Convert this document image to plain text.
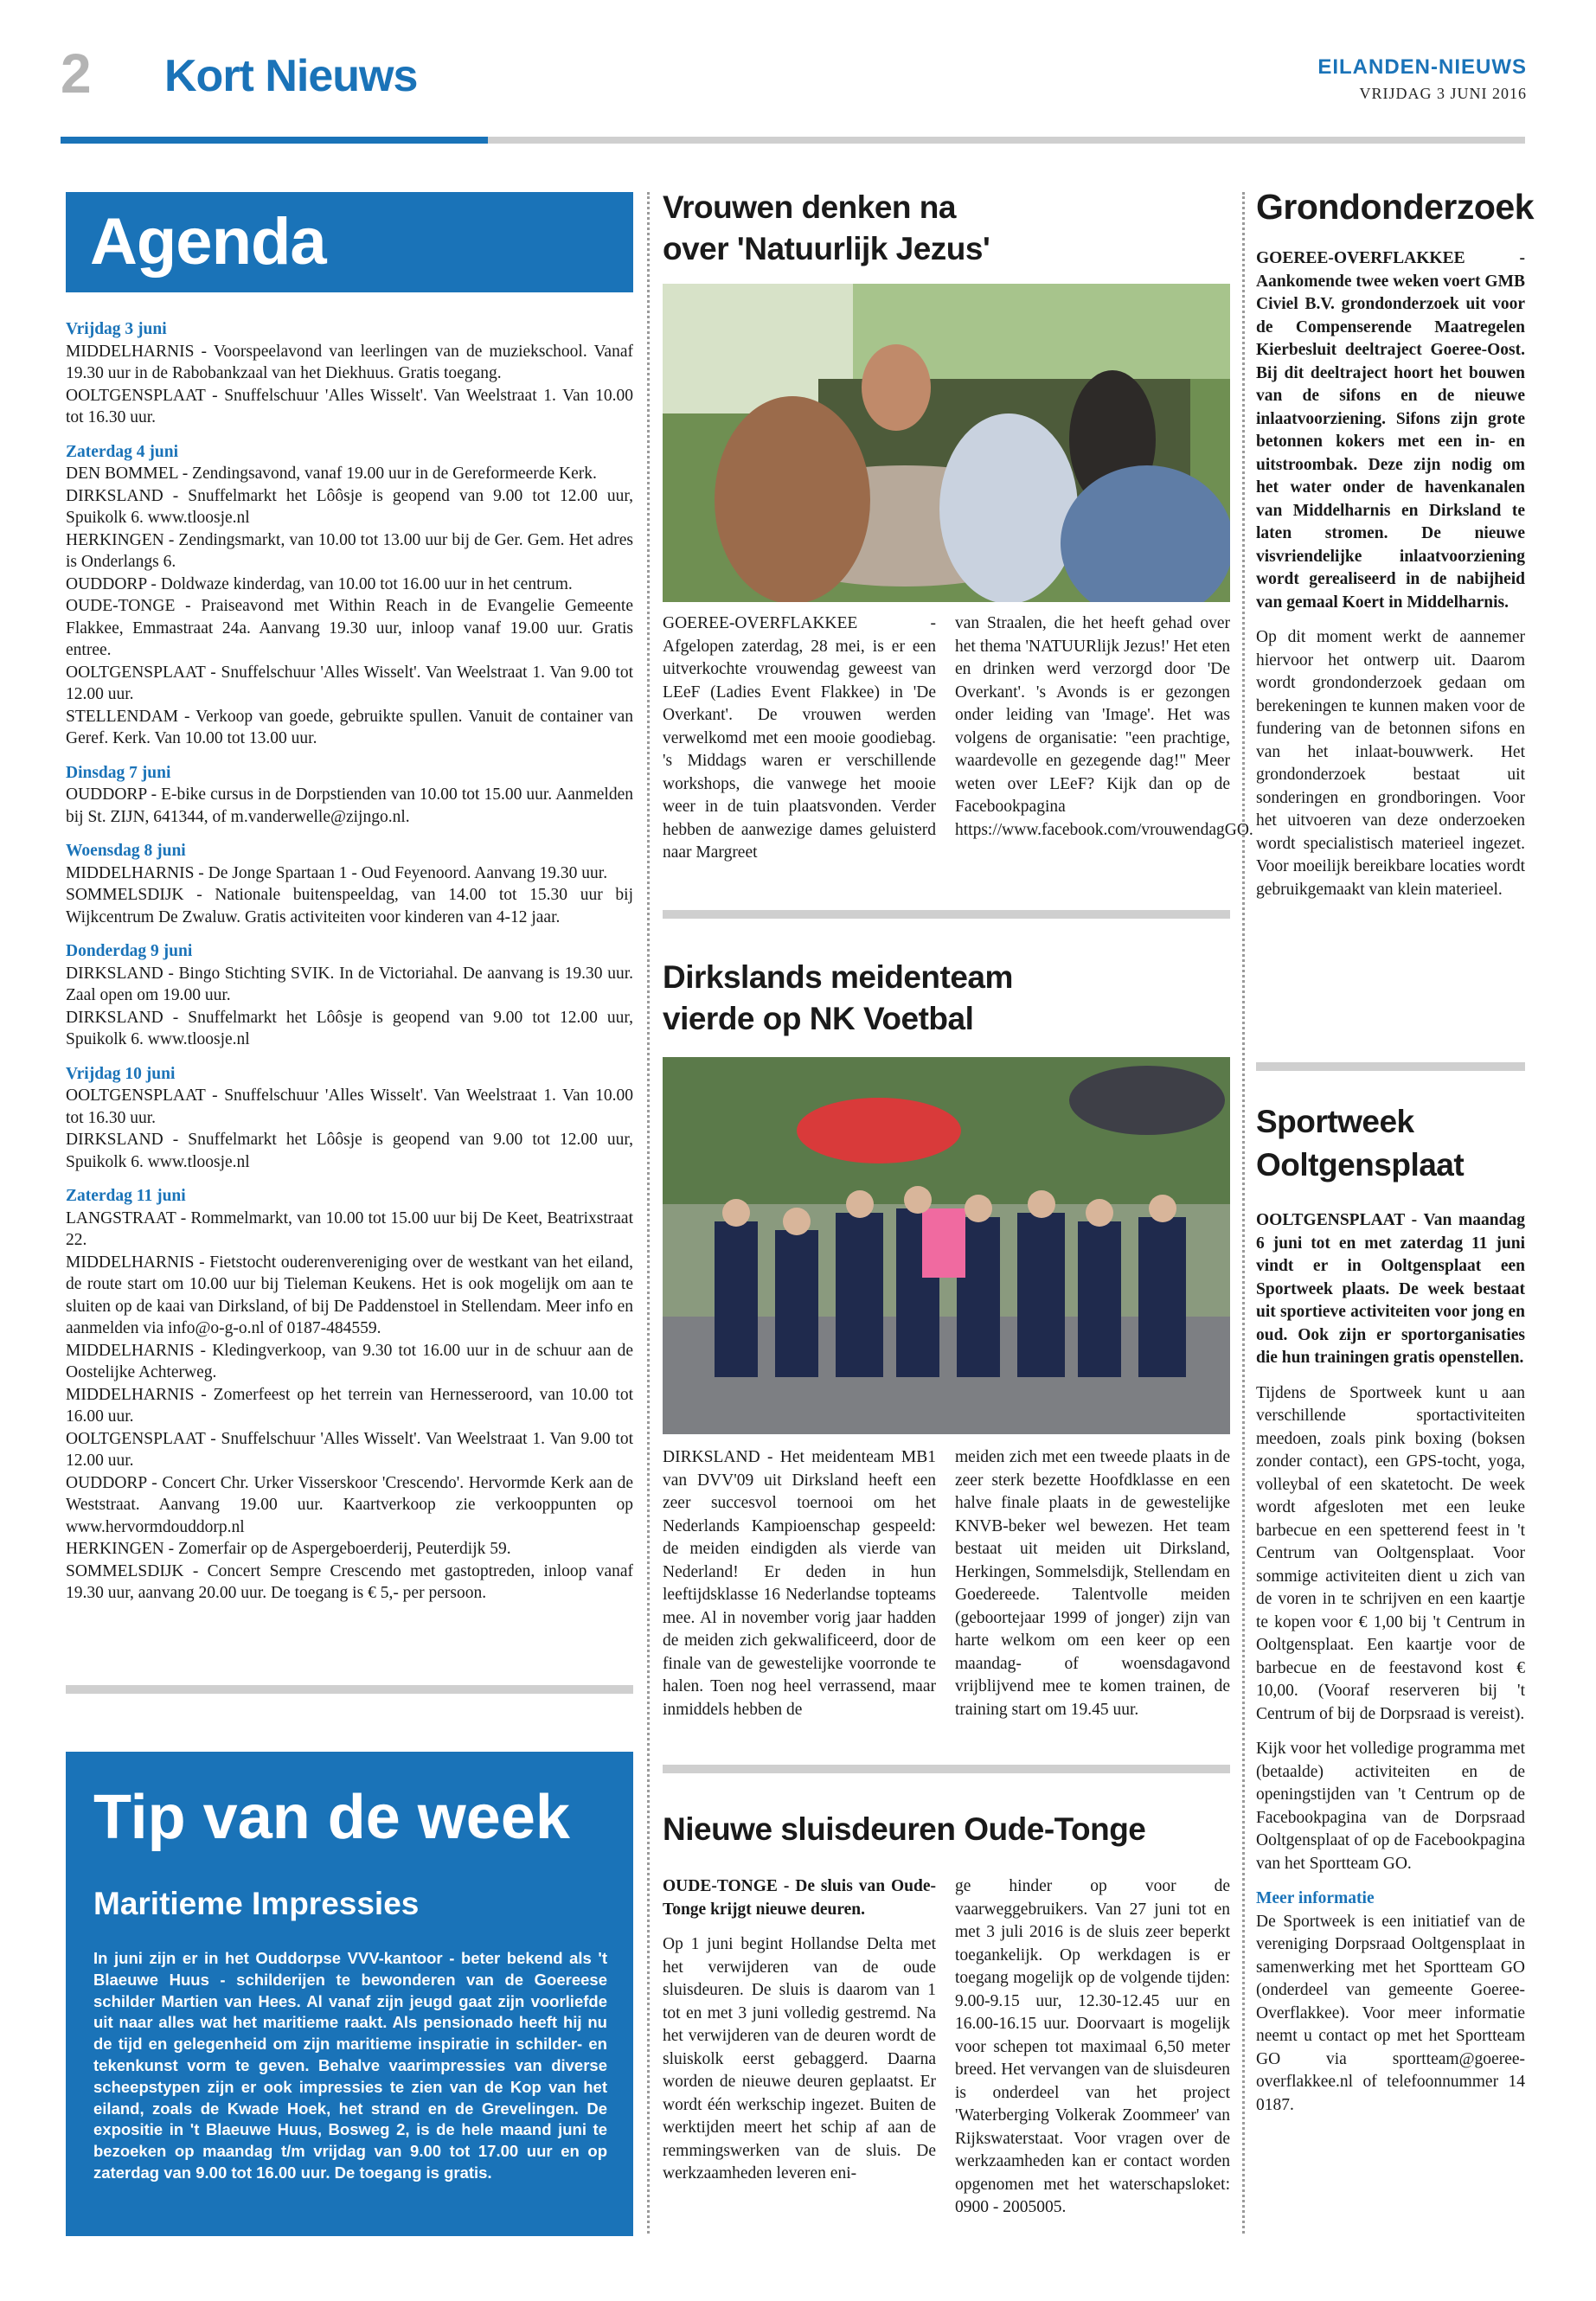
2 Kort Nieuws	EILANDEN-NIEUWS
VRIJDAG 3 JUNI 2016
Agenda
Vrijdag 3 juni
MIDDELHARNIS - Voorspeelavond van leerlingen van de muziekschool. Vanaf 19.30 uur in de Rabobankzaal van het Diekhuus. Gratis toegang.
OOLTGENSPLAAT - Snuffelschuur 'Alles Wisselt'. Van Weelstraat 1. Van 10.00 tot 16.30 uur.
Zaterdag 4 juni
DEN BOMMEL - Zendingsavond, vanaf 19.00 uur in de Gereformeerde Kerk.
DIRKSLAND - Snuffelmarkt het Lôôsje is geopend van 9.00 tot 12.00 uur, Spuikolk 6. www.tloosje.nl
HERKINGEN - Zendingsmarkt, van 10.00 tot 13.00 uur bij de Ger. Gem. Het adres is Onderlangs 6.
OUDDORP - Doldwaze kinderdag, van 10.00 tot 16.00 uur in het centrum.
OUDE-TONGE - Praiseavond met Within Reach in de Evangelie Gemeente Flakkee, Emmastraat 24a. Aanvang 19.30 uur, inloop vanaf 19.00 uur. Gratis entree.
OOLTGENSPLAAT - Snuffelschuur 'Alles Wisselt'. Van Weelstraat 1. Van 9.00 tot 12.00 uur.
STELLENDAM - Verkoop van goede, gebruikte spullen. Vanuit de container van Geref. Kerk. Van 10.00 tot 13.00 uur.
Dinsdag 7 juni
OUDDORP - E-bike cursus in de Dorpstienden van 10.00 tot 15.00 uur. Aanmelden bij St. ZIJN, 641344, of m.vanderwelle@zijngo.nl.
Woensdag 8 juni
MIDDELHARNIS - De Jonge Spartaan 1 - Oud Feyenoord. Aanvang 19.30 uur.
SOMMELSDIJK - Nationale buitenspeeldag, van 14.00 tot 15.30 uur bij Wijkcentrum De Zwaluw. Gratis activiteiten voor kinderen van 4-12 jaar.
Donderdag 9 juni
DIRKSLAND - Bingo Stichting SVIK. In de Victoriahal. De aanvang is 19.30 uur. Zaal open om 19.00 uur.
DIRKSLAND - Snuffelmarkt het Lôôsje is geopend van 9.00 tot 12.00 uur, Spuikolk 6. www.tloosje.nl
Vrijdag 10 juni
OOLTGENSPLAAT - Snuffelschuur 'Alles Wisselt'. Van Weelstraat 1. Van 10.00 tot 16.30 uur.
DIRKSLAND - Snuffelmarkt het Lôôsje is geopend van 9.00 tot 12.00 uur, Spuikolk 6. www.tloosje.nl
Zaterdag 11 juni
LANGSTRAAT - Rommelmarkt, van 10.00 tot 15.00 uur bij De Keet, Beatrixstraat 22.
MIDDELHARNIS - Fietstocht ouderenvereniging over de westkant van het eiland, de route start om 10.00 uur bij Tieleman Keukens. Het is ook mogelijk om aan te sluiten op de kaai van Dirksland, of bij De Paddenstoel in Stellendam. Meer info en aanmelden via info@o-g-o.nl of 0187-484559.
MIDDELHARNIS - Kledingverkoop, van 9.30 tot 16.00 uur in de schuur aan de Oostelijke Achterweg.
MIDDELHARNIS - Zomerfeest op het terrein van Hernesseroord, van 10.00 tot 16.00 uur.
OOLTGENSPLAAT - Snuffelschuur 'Alles Wisselt'. Van Weelstraat 1. Van 9.00 tot 12.00 uur.
OUDDORP - Concert Chr. Urker Visserskoor 'Crescendo'. Hervormde Kerk aan de Weststraat. Aanvang 19.00 uur. Kaartverkoop zie verkooppunten op www.hervormdouddorp.nl
HERKINGEN - Zomerfair op de Aspergeboerderij, Peuterdijk 59.
SOMMELSDIJK - Concert Sempre Crescendo met gastoptreden, inloop vanaf 19.30 uur, aanvang 20.00 uur. De toegang is € 5,- per persoon.
Tip van de week
Maritieme Impressies
In juni zijn er in het Ouddorpse VVV-kantoor - beter bekend als 't Blaeuwe Huus - schilderijen te bewonderen van de Goereese schilder Martien van Hees. Al vanaf zijn jeugd gaat zijn voorliefde uit naar alles wat het maritieme raakt. Als pensionado heeft hij nu de tijd en gelegenheid om zijn maritieme inspiratie in schilder- en tekenkunst vorm te geven. Behalve vaarimpressies van diverse scheepstypen zijn er ook impressies te zien van de Kop van het eiland, zoals de Kwade Hoek, het strand en de Grevelingen. De expositie in 't Blaeuwe Huus, Bosweg 2, is de hele maand juni te bezoeken op maandag t/m vrijdag van 9.00 tot 17.00 uur en op zaterdag van 9.00 tot 16.00 uur. De toegang is gratis.
Vrouwen denken na
over 'Natuurlijk Jezus'
GOEREE-OVERFLAKKEE - Afgelopen zaterdag, 28 mei, is er een uitverkochte vrouwendag geweest van LEeF (Ladies Event Flakkee) in 'De Overkant'. De vrouwen werden verwelkomd met een mooie goodiebag. 's Middags waren er verschillende workshops, die vanwege het mooie weer in de tuin plaatsvonden. Verder hebben de aanwezige dames geluisterd naar Margreet
van Straalen, die het heeft gehad over het thema 'NATUURlijk Jezus!' Het eten en drinken werd verzorgd door 'De Overkant'. 's Avonds is er gezongen onder leiding van 'Image'. Het was volgens de organisatie: "een prachtige, waardevolle en gezegende dag!" Meer weten over LEeF? Kijk dan op de Facebookpagina https://www.facebook.com/vrouwendagGO.
Dirkslands meidenteam
vierde op NK Voetbal
DIRKSLAND - Het meidenteam MB1 van DVV'09 uit Dirksland heeft een zeer succesvol toernooi om het Nederlands Kampioenschap gespeeld: de meiden eindigden als vierde van Nederland! Er deden in hun leeftijdsklasse 16 Nederlandse topteams mee. Al in november vorig jaar hadden de meiden zich gekwalificeerd, door de finale van de gewestelijke voorronde te halen. Toen nog heel verrassend, maar inmiddels hebben de
meiden zich met een tweede plaats in de zeer sterk bezette Hoofdklasse en een halve finale plaats in de gewestelijke KNVB-beker wel bewezen. Het team bestaat uit meiden uit Dirksland, Herkingen, Sommelsdijk, Stellendam en Goedereede. Talentvolle meiden (geboortejaar 1999 of jonger) zijn van harte welkom om een keer op een maandag- of woensdagavond vrijblijvend mee te komen trainen, de training start om 19.45 uur.
Nieuwe sluisdeuren Oude-Tonge
OUDE-TONGE - De sluis van Oude-Tonge krijgt nieuwe deuren.
Op 1 juni begint Hollandse Delta met het verwijderen van de oude sluisdeuren. De sluis is daarom van 1 tot en met 3 juni volledig gestremd. Na het verwijderen van de deuren wordt de sluiskolk eerst gebaggerd. Daarna worden de nieuwe deuren geplaatst. Er wordt één werkschip ingezet. Buiten de werktijden meert het schip af aan de remmingswerken van de sluis. De werkzaamheden leveren eni-
ge hinder op voor de vaarweggebruikers. Van 27 juni tot en met 3 juli 2016 is de sluis zeer beperkt toegankelijk. Op werkdagen is er toegang mogelijk op de volgende tijden: 9.00-9.15 uur, 12.30-12.45 uur en 16.00-16.15 uur. Doorvaart is mogelijk voor schepen tot maximaal 6,50 meter breed. Het vervangen van de sluisdeuren is onderdeel van het project 'Waterberging Volkerak Zoommeer' van Rijkswaterstaat. Voor vragen over de werkzaamheden kan er contact worden opgenomen met het waterschapsloket: 0900 - 2005005.
Grondonderzoek
GOEREE-OVERFLAKKEE - Aankomende twee weken voert GMB Civiel B.V. grondonderzoek uit voor de Compenserende Maatregelen Kierbesluit deeltraject Goeree-Oost. Bij dit deeltraject hoort het bouwen van de sifons en de nieuwe inlaatvoorziening. Sifons zijn grote betonnen kokers met een in- en uitstroombak. Deze zijn nodig om het water onder de havenkanalen van Middelharnis en Dirksland te laten stromen. De nieuwe visvriendelijke inlaatvoorziening wordt gerealiseerd in de nabijheid van gemaal Koert in Middelharnis.
Op dit moment werkt de aannemer hiervoor het ontwerp uit. Daarom wordt grondonderzoek gedaan om berekeningen te kunnen maken voor de fundering van de betonnen sifons en van het inlaat-bouwwerk. Het grondonderzoek bestaat uit sonderingen en grondboringen. Voor het uitvoeren van deze onderzoeken wordt specialistisch materieel ingezet. Voor moeilijk bereikbare locaties wordt gebruikgemaakt van klein materieel.
Sportweek
Ooltgensplaat
OOLTGENSPLAAT - Van maandag 6 juni tot en met zaterdag 11 juni vindt er in Ooltgensplaat een Sportweek plaats. De week bestaat uit sportieve activiteiten voor jong en oud. Ook zijn er sportorganisaties die hun trainingen gratis openstellen.
Tijdens de Sportweek kunt u aan verschillende sportactiviteiten meedoen, zoals pink boxing (boksen zonder contact), een GPS-tocht, yoga, volleybal of een skatetocht. De week wordt afgesloten met een leuke barbecue en een spetterend feest in 't Centrum van Ooltgensplaat. Voor sommige activiteiten dient u zich van de voren in te schrijven en een kaartje te kopen voor € 1,00 bij 't Centrum in Ooltgensplaat. Een kaartje voor de barbecue en de feestavond kost € 10,00. (Vooraf reserveren bij 't Centrum of bij de Dorpsraad is vereist).
Kijk voor het volledige programma met (betaalde) activiteiten en de openingstijden van 't Centrum op de Facebookpagina van de Dorpsraad Ooltgensplaat of op de Facebookpagina van het Sportteam GO.
Meer informatie
De Sportweek is een initiatief van de vereniging Dorpsraad Ooltgensplaat in samenwerking met het Sportteam GO (onderdeel van gemeente Goeree-Overflakkee). Voor meer informatie neemt u contact op met het Sportteam GO via sportteam@goeree-overflakkee.nl of telefoonnummer 14 0187.
